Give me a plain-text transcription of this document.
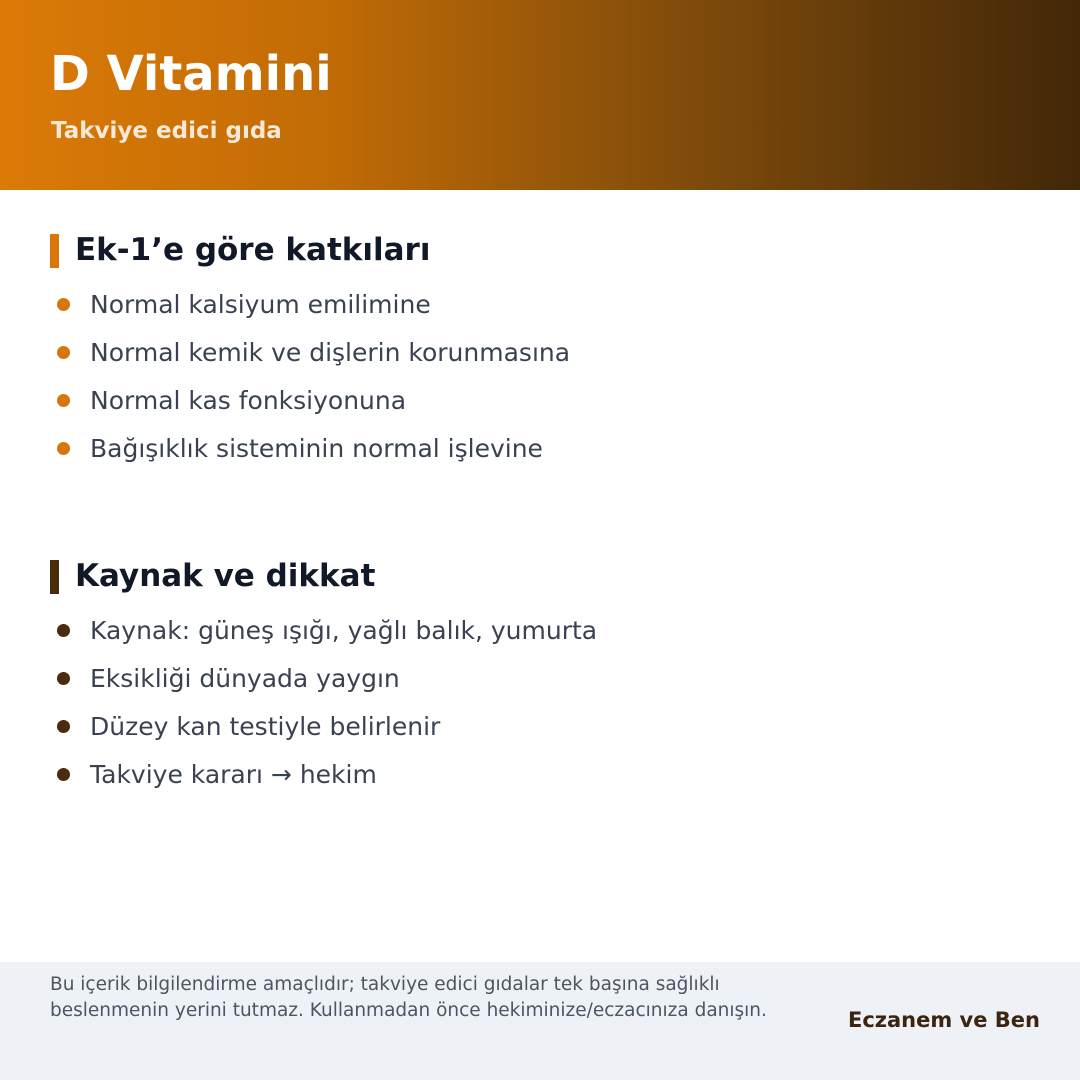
D Vitamini
Takviye edici gıda
Ek-1’e göre katkıları
Normal kalsiyum emilimine
Normal kemik ve dişlerin korunmasına
Normal kas fonksiyonuna
Bağışıklık sisteminin normal işlevine
Kaynak ve dikkat
Kaynak: güneş ışığı, yağlı balık, yumurta
Eksikliği dünyada yaygın
Düzey kan testiyle belirlenir
Takviye kararı → hekim

Bu içerik bilgilendirme amaçlıdır; takviye edici gıdalar tek başına sağlıklı beslenmenin yerini tutmaz. Kullanmadan önce hekiminize/eczacınıza danışın.	Eczanem ve Ben
